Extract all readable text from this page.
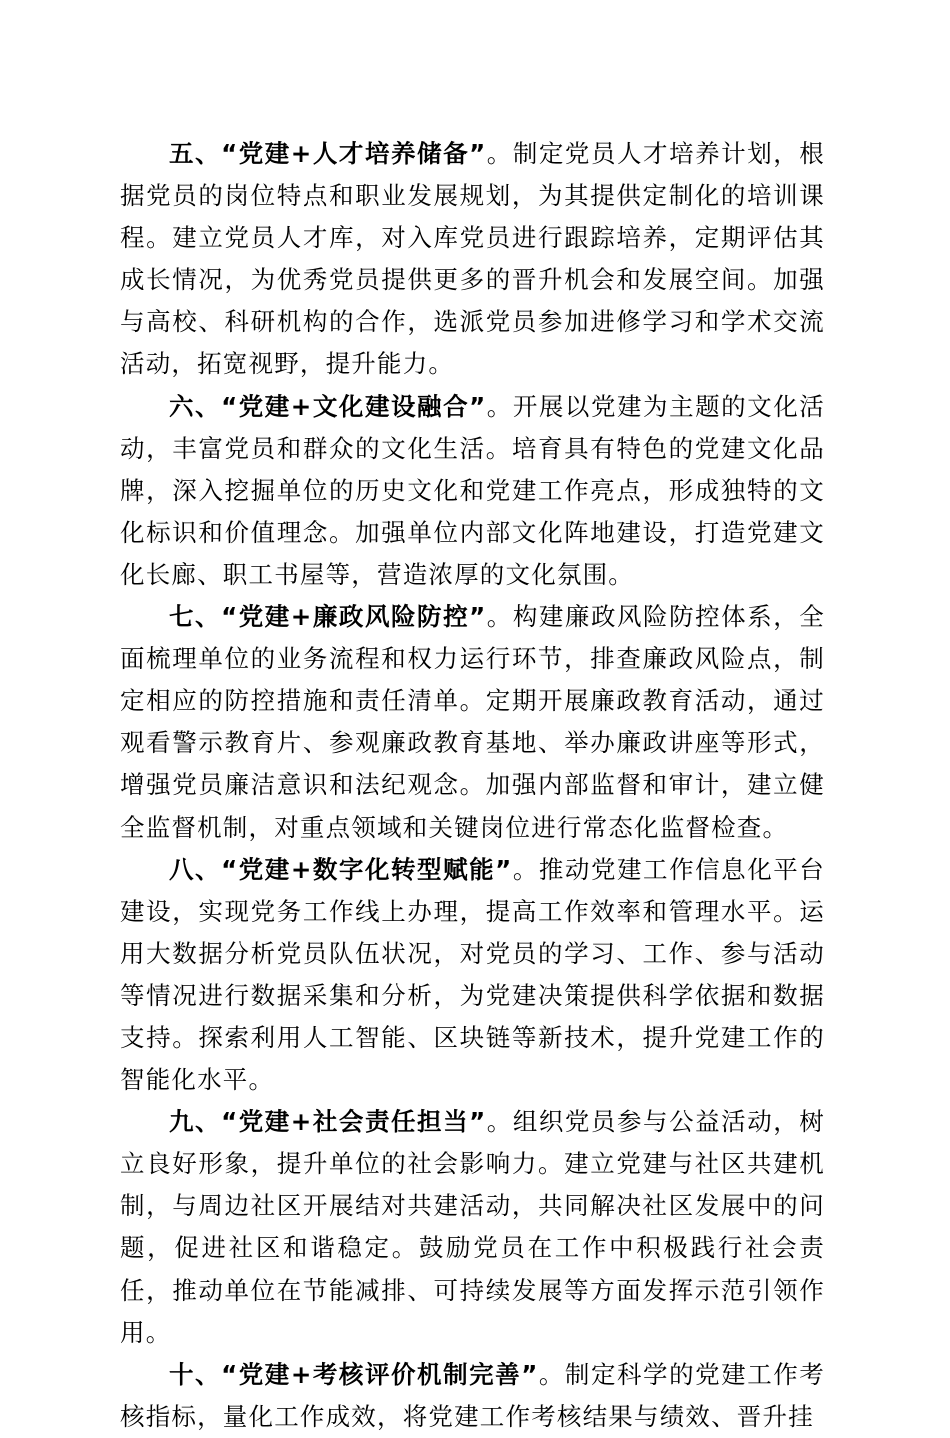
五、“党建+人才培养储备”。制定党员人才培养计划，根据党员的岗位特点和职业发展规划，为其提供定制化的培训课程。建立党员人才库，对入库党员进行跟踪培养，定期评估其成长情况，为优秀党员提供更多的晋升机会和发展空间。加强与高校、科研机构的合作，选派党员参加进修学习和学术交流活动，拓宽视野，提升能力。

六、“党建+文化建设融合”。开展以党建为主题的文化活动，丰富党员和群众的文化生活。培育具有特色的党建文化品牌，深入挖掘单位的历史文化和党建工作亮点，形成独特的文化标识和价值理念。加强单位内部文化阵地建设，打造党建文化长廊、职工书屋等，营造浓厚的文化氛围。

七、“党建+廉政风险防控”。构建廉政风险防控体系，全面梳理单位的业务流程和权力运行环节，排查廉政风险点，制定相应的防控措施和责任清单。定期开展廉政教育活动，通过观看警示教育片、参观廉政教育基地、举办廉政讲座等形式，增强党员廉洁意识和法纪观念。加强内部监督和审计，建立健全监督机制，对重点领域和关键岗位进行常态化监督检查。

八、“党建+数字化转型赋能”。推动党建工作信息化平台建设，实现党务工作线上办理，提高工作效率和管理水平。运用大数据分析党员队伍状况，对党员的学习、工作、参与活动等情况进行数据采集和分析，为党建决策提供科学依据和数据支持。探索利用人工智能、区块链等新技术，提升党建工作的智能化水平。

九、“党建+社会责任担当”。组织党员参与公益活动，树立良好形象，提升单位的社会影响力。建立党建与社区共建机制，与周边社区开展结对共建活动，共同解决社区发展中的问题，促进社区和谐稳定。鼓励党员在工作中积极践行社会责任，推动单位在节能减排、可持续发展等方面发挥示范引领作用。

十、“党建+考核评价机制完善”。制定科学的党建工作考核指标，量化工作成效，将党建工作考核结果与绩效、晋升挂
